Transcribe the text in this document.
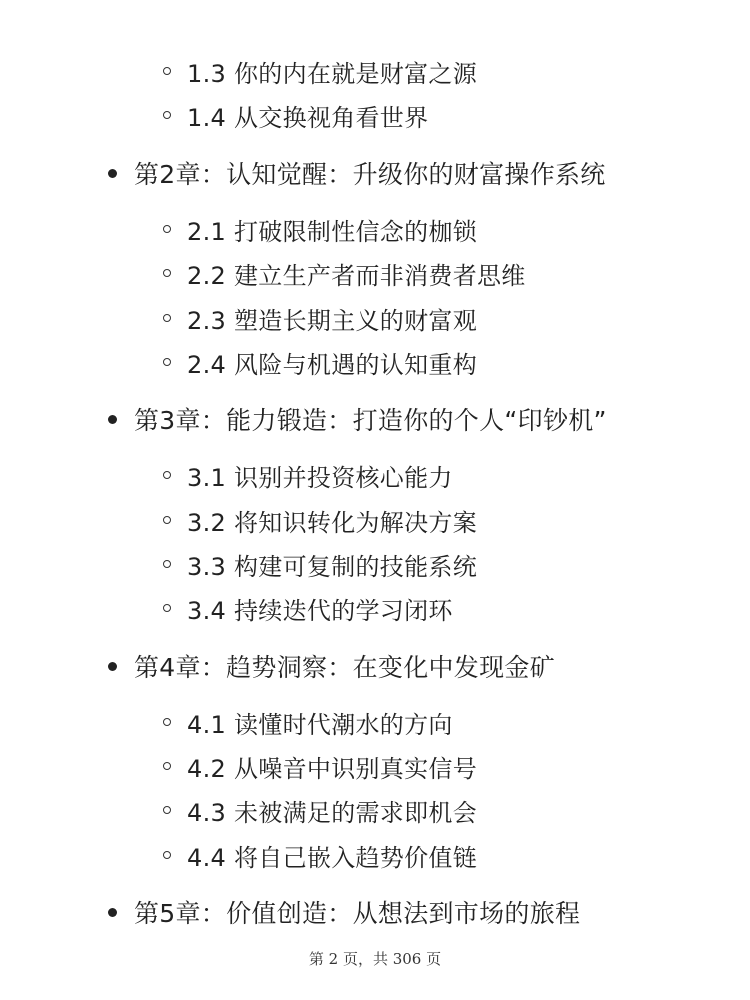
1.3 你的内在就是财富之源
1.4 从交换视角看世界
第2章：认知觉醒：升级你的财富操作系统
2.1 打破限制性信念的枷锁
2.2 建立生产者而非消费者思维
2.3 塑造长期主义的财富观
2.4 风险与机遇的认知重构
第3章：能力锻造：打造你的个人“印钞机”
3.1 识别并投资核心能力
3.2 将知识转化为解决方案
3.3 构建可复制的技能系统
3.4 持续迭代的学习闭环
第4章：趋势洞察：在变化中发现金矿
4.1 读懂时代潮水的方向
4.2 从噪音中识别真实信号
4.3 未被满足的需求即机会
4.4 将自己嵌入趋势价值链
第5章：价值创造：从想法到市场的旅程
第 2 页，共 306 页
